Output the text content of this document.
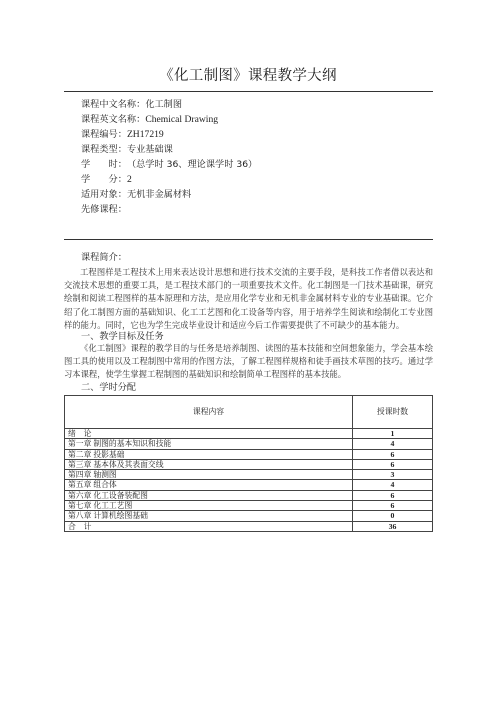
《化工制图》课程教学大纲
课程中文名称：化工制图
课程英文名称：Chemical Drawing
课程编号：ZH17219
课程类型：专业基础课
学　　时：（总学时 36、理论课学时 36）
学　　分：2
适用对象：无机非金属材料
先修课程：
课程简介：

工程图样是工程技术上用来表达设计思想和进行技术交流的主要手段，是科技工作者借以表达和交流技术思想的重要工具，是工程技术部门的一项重要技术文件。化工制图是一门技术基础课，研究绘制和阅读工程图样的基本原理和方法，是应用化学专业和无机非金属材料专业的专业基础课。它介绍了化工制图方面的基础知识、化工工艺图和化工设备等内容，用于培养学生阅读和绘制化工专业图样的能力。同时，它也为学生完成毕业设计和适应今后工作需要提供了不可缺少的基本能力。

一、教学目标及任务

《化工制图》课程的教学目的与任务是培养制图、读图的基本技能和空间想象能力，学会基本绘图工具的使用以及工程制图中常用的作图方法，了解工程图样规格和徒手画技术草图的技巧。通过学习本课程，使学生掌握工程制图的基础知识和绘制简单工程图样的基本技能。

二、学时分配
课程内容	授课时数
绪　论	1
第一章 制图的基本知识和技能	4
第二章 投影基础	6
第三章 基本体及其表面交线	6
第四章 轴测图	3
第五章 组合体	4
第六章 化工设备装配图	6
第七章 化工工艺图	6
第八章 计算机绘图基础	0
合　计	36
